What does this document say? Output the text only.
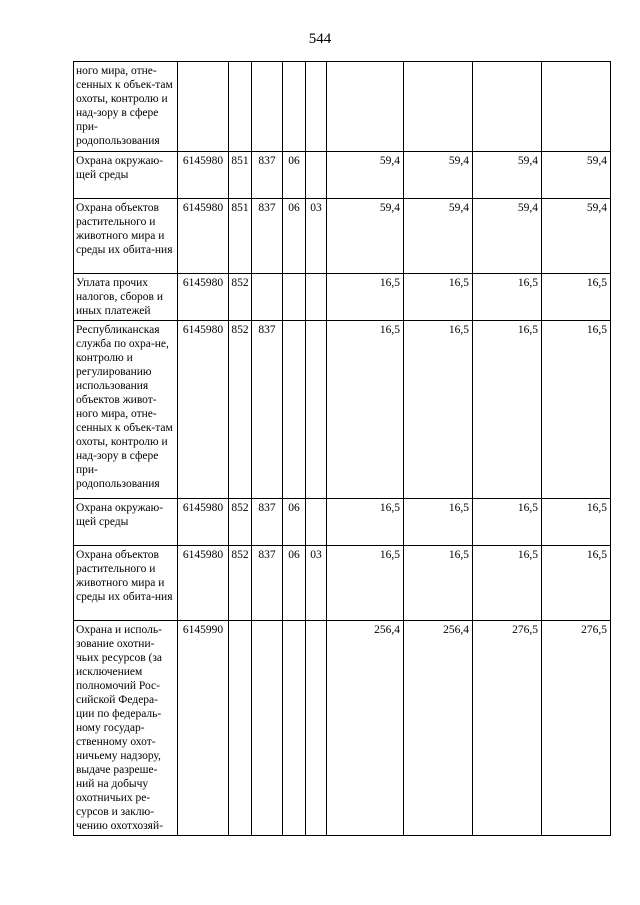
544
ного мира, отне-сенных к объек-там охоты, контролю и над-зору в сфере при-родопользования									
Охрана окружаю-щей среды	6145980	851	837	06		59,4	59,4	59,4	59,4
Охрана объектов растительного и животного мира и среды их обита-ния	6145980	851	837	06	03	59,4	59,4	59,4	59,4
Уплата прочих налогов, сборов и иных платежей	6145980	852				16,5	16,5	16,5	16,5
Республиканская служба по охра-не, контролю и регулированию использования объектов живот-ного мира, отне-сенных к объек-там охоты, контролю и над-зору в сфере при-родопользования	6145980	852	837			16,5	16,5	16,5	16,5
Охрана окружаю-щей среды	6145980	852	837	06		16,5	16,5	16,5	16,5
Охрана объектов растительного и животного мира и среды их обита-ния	6145980	852	837	06	03	16,5	16,5	16,5	16,5
Охрана и исполь-зование охотни-чьих ресурсов (за исключением полномочий Рос-сийской Федера-ции по федераль-ному государ-ственному охот-ничьему надзору, выдаче разреше-ний на добычу охотничьих ре-сурсов и заклю-чению охотхозяй-	6145990					256,4	256,4	276,5	276,5
